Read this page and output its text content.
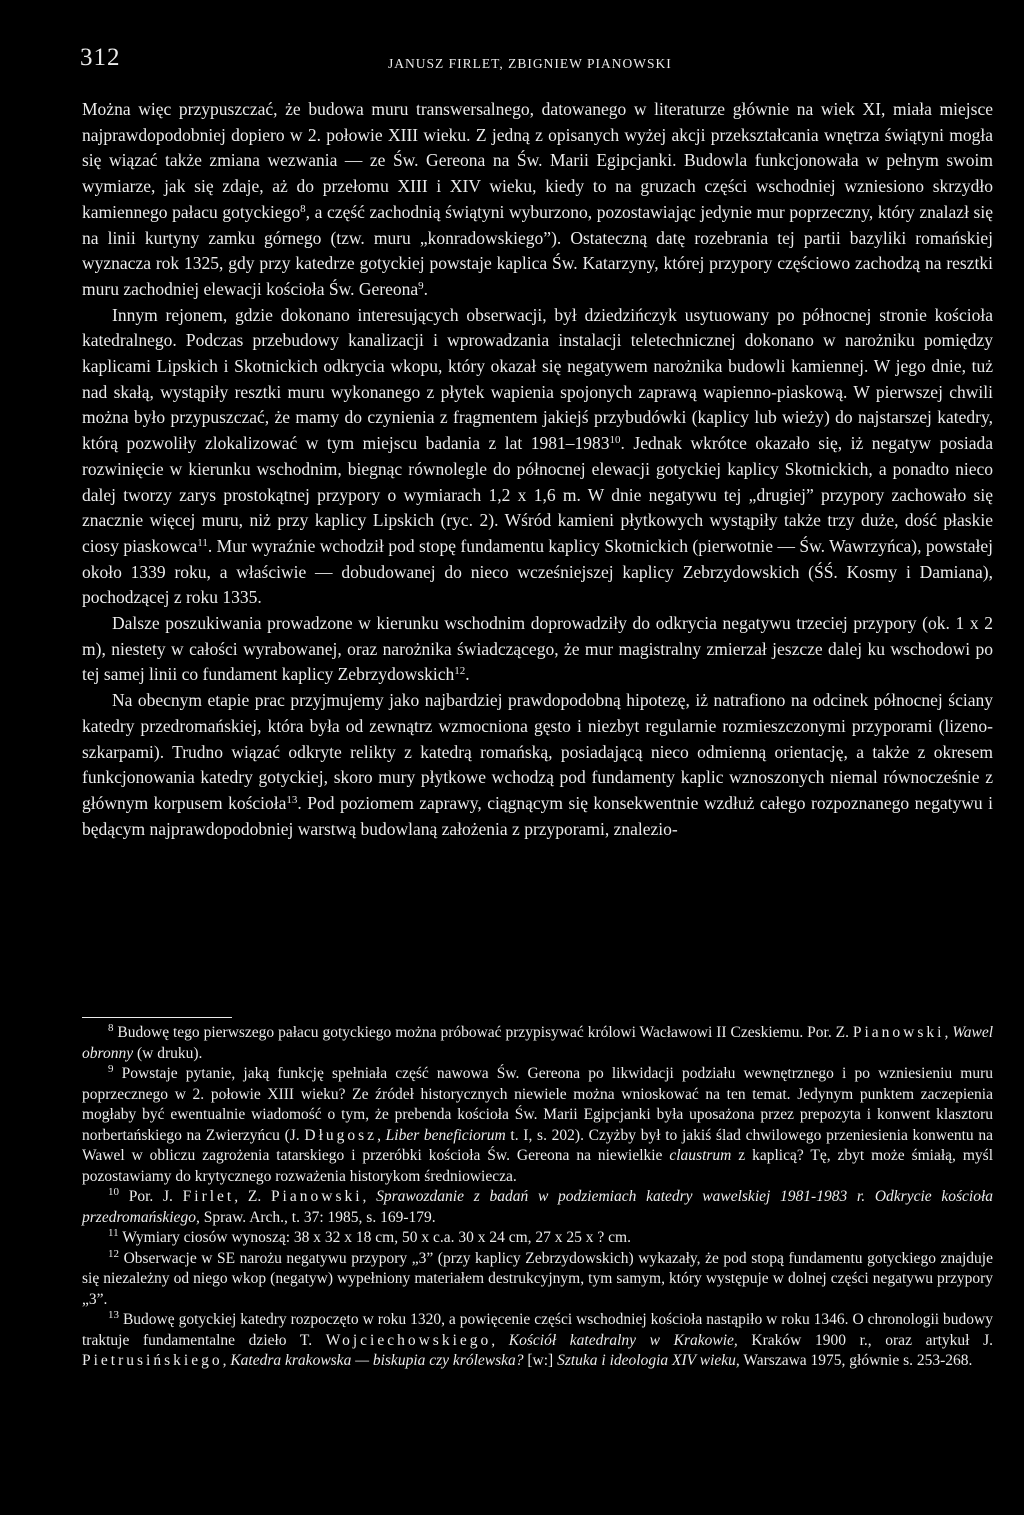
312	JANUSZ FIRLET, ZBIGNIEW PIANOWSKI

Można więc przypuszczać, że budowa muru transwersalnego, datowanego w literaturze głównie na wiek XI, miała miejsce najprawdopodobniej dopiero w 2. połowie XIII wieku. Z jedną z opisanych wyżej akcji przekształcania wnętrza świątyni mogła się wiązać także zmiana wezwania — ze Św. Gereona na Św. Marii Egipcjanki. Budowla funkcjonowała w pełnym swoim wymiarze, jak się zdaje, aż do przełomu XIII i XIV wieku, kiedy to na gruzach części wschodniej wzniesiono skrzydło kamiennego pałacu gotyckiego$^8$, a część zachodnią świątyni wyburzono, pozostawiając jedynie mur poprzeczny, który znalazł się na linii kurtyny zamku górnego (tzw. muru „konradowskiego”). Ostateczną datę rozebrania tej partii bazyliki romańskiej wyznacza rok 1325, gdy przy katedrze gotyckiej powstaje kaplica Św. Katarzyny, której przypory częściowo zachodzą na resztki muru zachodniej elewacji kościoła Św. Gereona$^9$.

Innym rejonem, gdzie dokonano interesujących obserwacji, był dziedzińczyk usytuowany po północnej stronie kościoła katedralnego. Podczas przebudowy kanalizacji i wprowadzania instalacji teletechnicznej dokonano w narożniku pomiędzy kaplicami Lipskich i Skotnickich odkrycia wkopu, który okazał się negatywem narożnika budowli kamiennej. W jego dnie, tuż nad skałą, wystąpiły resztki muru wykonanego z płytek wapienia spojonych zaprawą wapienno-piaskową. W pierwszej chwili można było przypuszczać, że mamy do czynienia z fragmentem jakiejś przybudówki (kaplicy lub wieży) do najstarszej katedry, którą pozwoliły zlokalizować w tym miejscu badania z lat 1981–1983$^{10}$. Jednak wkrótce okazało się, iż negatyw posiada rozwinięcie w kierunku wschodnim, biegnąc równolegle do północnej elewacji gotyckiej kaplicy Skotnickich, a ponadto nieco dalej tworzy zarys prostokątnej przypory o wymiarach 1,2 x 1,6 m. W dnie negatywu tej „drugiej” przypory zachowało się znacznie więcej muru, niż przy kaplicy Lipskich (ryc. 2). Wśród kamieni płytkowych wystąpiły także trzy duże, dość płaskie ciosy piaskowca$^{11}$. Mur wyraźnie wchodził pod stopę fundamentu kaplicy Skotnickich (pierwotnie — Św. Wawrzyńca), powstałej około 1339 roku, a właściwie — dobudowanej do nieco wcześniejszej kaplicy Zebrzydowskich (ŚŚ. Kosmy i Damiana), pochodzącej z roku 1335.

Dalsze poszukiwania prowadzone w kierunku wschodnim doprowadziły do odkrycia negatywu trzeciej przypory (ok. 1 x 2 m), niestety w całości wyrabowanej, oraz narożnika świadczącego, że mur magistralny zmierzał jeszcze dalej ku wschodowi po tej samej linii co fundament kaplicy Zebrzydowskich$^{12}$.

Na obecnym etapie prac przyjmujemy jako najbardziej prawdopodobną hipotezę, iż natrafiono na odcinek północnej ściany katedry przedromańskiej, która była od zewnątrz wzmocniona gęsto i niezbyt regularnie rozmieszczonymi przyporami (lizeno-szkarpami). Trudno wiązać odkryte relikty z katedrą romańską, posiadającą nieco odmienną orientację, a także z okresem funkcjonowania katedry gotyckiej, skoro mury płytkowe wchodzą pod fundamenty kaplic wznoszonych niemal równocześnie z głównym korpusem kościoła$^{13}$. Pod poziomem zaprawy, ciągnącym się konsekwentnie wzdłuż całego rozpoznanego negatywu i będącym najprawdopodobniej warstwą budowlaną założenia z przyporami, znalezio-

$^8$ Budowę tego pierwszego pałacu gotyckiego można próbować przypisywać królowi Wacławowi II Czeskiemu. Por. Z. Pianowski, Wawel obronny (w druku).

$^9$ Powstaje pytanie, jaką funkcję spełniała część nawowa Św. Gereona po likwidacji podziału wewnętrznego i po wzniesieniu muru poprzecznego w 2. połowie XIII wieku? Ze źródeł historycznych niewiele można wnioskować na ten temat. Jedynym punktem zaczepienia mogłaby być ewentualnie wiadomość o tym, że prebenda kościoła Św. Marii Egipcjanki była uposażona przez prepozyta i konwent klasztoru norbertańskiego na Zwierzyńcu (J. Długosz, Liber beneficiorum t. I, s. 202). Czyżby był to jakiś ślad chwilowego przeniesienia konwentu na Wawel w obliczu zagrożenia tatarskiego i przeróbki kościoła Św. Gereona na niewielkie claustrum z kaplicą? Tę, zbyt może śmiałą, myśl pozostawiamy do krytycznego rozważenia historykom średniowiecza.

$^{10}$ Por. J. Firlet, Z. Pianowski, Sprawozdanie z badań w podziemiach katedry wawelskiej 1981-1983 r. Odkrycie kościoła przedromańskiego, Spraw. Arch., t. 37: 1985, s. 169-179.

$^{11}$ Wymiary ciosów wynoszą: 38 x 32 x 18 cm, 50 x c.a. 30 x 24 cm, 27 x 25 x ? cm.

$^{12}$ Obserwacje w SE narożu negatywu przypory „3” (przy kaplicy Zebrzydowskich) wykazały, że pod stopą fundamentu gotyckiego znajduje się niezależny od niego wkop (negatyw) wypełniony materiałem destrukcyjnym, tym samym, który występuje w dolnej części negatywu przypory „3”.

$^{13}$ Budowę gotyckiej katedry rozpoczęto w roku 1320, a powięcenie części wschodniej kościoła nastąpiło w roku 1346. O chronologii budowy traktuje fundamentalne dzieło T. Wojciechowskiego, Kościół katedralny w Krakowie, Kraków 1900 r., oraz artykuł J. Pietrusińskiego, Katedra krakowska — biskupia czy królewska? [w:] Sztuka i ideologia XIV wieku, Warszawa 1975, głównie s. 253-268.
